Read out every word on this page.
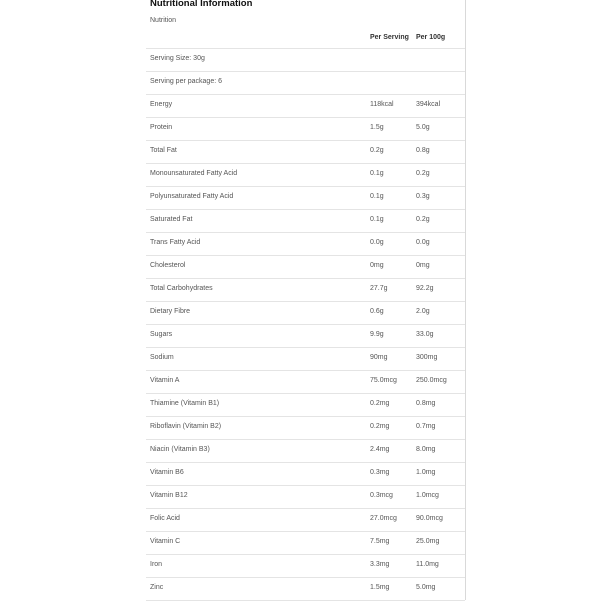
Nutritional Information
Nutrition
Per Serving Per 100g
Serving Size: 30g
Serving per package: 6
Energy	118kcal	394kcal
Protein	1.5g	5.0g
Total Fat	0.2g	0.8g
Monounsaturated Fatty Acid	0.1g	0.2g
Polyunsaturated Fatty Acid	0.1g	0.3g
Saturated Fat	0.1g	0.2g
Trans Fatty Acid	0.0g	0.0g
Cholesterol	0mg	0mg
Total Carbohydrates	27.7g	92.2g
Dietary Fibre	0.6g	2.0g
Sugars	9.9g	33.0g
Sodium	90mg	300mg
Vitamin A	75.0mcg	250.0mcg
Thiamine (Vitamin B1)	0.2mg	0.8mg
Riboflavin (Vitamin B2)	0.2mg	0.7mg
Niacin (Vitamin B3)	2.4mg	8.0mg
Vitamin B6	0.3mg	1.0mg
Vitamin B12	0.3mcg	1.0mcg
Folic Acid	27.0mcg	90.0mcg
Vitamin C	7.5mg	25.0mg
Iron	3.3mg	11.0mg
Zinc	1.5mg	5.0mg
